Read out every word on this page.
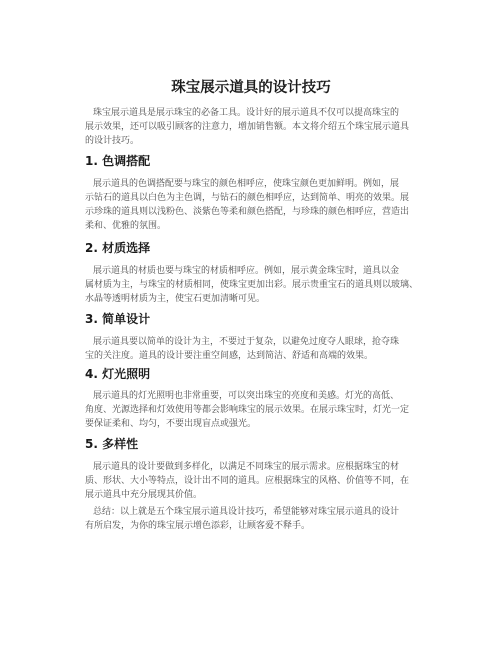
珠宝展示道具的设计技巧

珠宝展示道具是展示珠宝的必备工具。设计好的展示道具不仅可以提高珠宝的
展示效果，还可以吸引顾客的注意力，增加销售额。本文将介绍五个珠宝展示道具
的设计技巧。

1. 色调搭配

展示道具的色调搭配要与珠宝的颜色相呼应，使珠宝颜色更加鲜明。例如，展
示钻石的道具以白色为主色调，与钻石的颜色相呼应，达到简单、明亮的效果。展
示珍珠的道具则以浅粉色、淡紫色等柔和颜色搭配，与珍珠的颜色相呼应，营造出
柔和、优雅的氛围。

2. 材质选择

展示道具的材质也要与珠宝的材质相呼应。例如，展示黄金珠宝时，道具以金
属材质为主，与珠宝的材质相同，使珠宝更加出彩。展示贵重宝石的道具则以玻璃、
水晶等透明材质为主，使宝石更加清晰可见。

3. 简单设计

展示道具要以简单的设计为主，不要过于复杂，以避免过度夺人眼球，抢夺珠
宝的关注度。道具的设计要注重空间感，达到简洁、舒适和高端的效果。

4. 灯光照明

展示道具的灯光照明也非常重要，可以突出珠宝的亮度和美感。灯光的高低、
角度、光源选择和灯效使用等都会影响珠宝的展示效果。在展示珠宝时，灯光一定
要保证柔和、均匀，不要出现盲点或强光。

5. 多样性

展示道具的设计要做到多样化，以满足不同珠宝的展示需求。应根据珠宝的材
质、形状、大小等特点，设计出不同的道具。应根据珠宝的风格、价值等不同，在
展示道具中充分展现其价值。

总结：以上就是五个珠宝展示道具设计技巧，希望能够对珠宝展示道具的设计
有所启发，为你的珠宝展示增色添彩，让顾客爱不释手。
